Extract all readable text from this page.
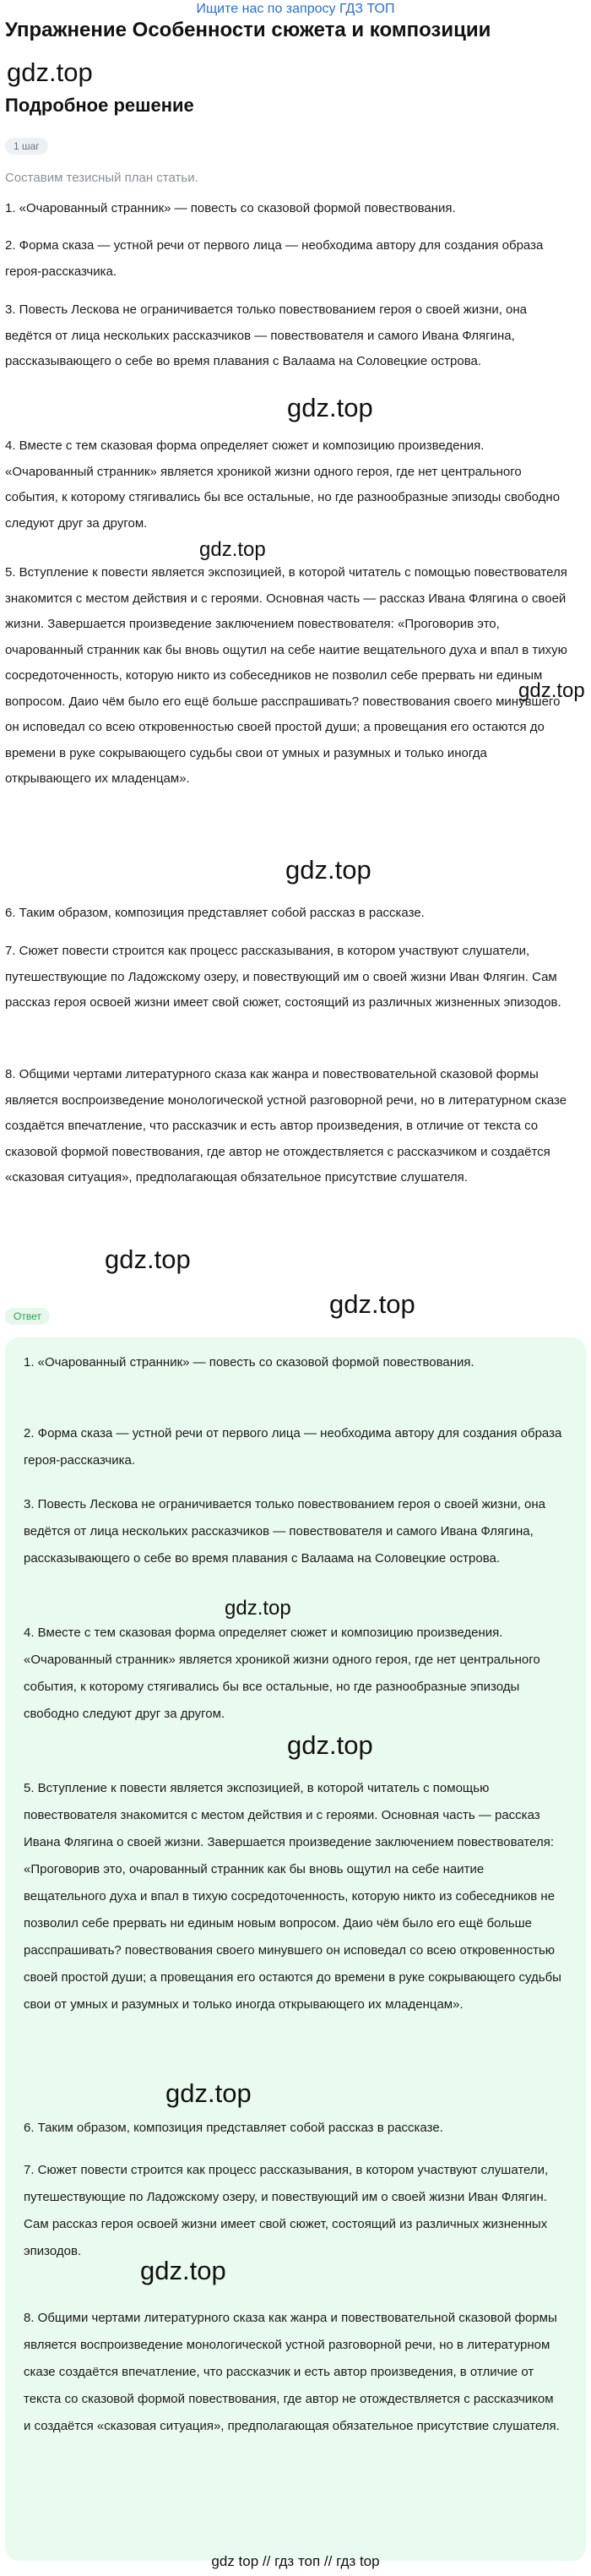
Ищите нас по запросу ГДЗ ТОП
Упражнение Особенности сюжета и композиции
gdz.top
Подробное решение
1 шаг
Составим тезисный план статьи.
1. «Очарованный странник» — повесть со сказовой формой повествования.
2. Форма сказа — устной речи от первого лица — необходима автору для создания образа героя-рассказчика.
3. Повесть Лескова не ограничивается только повествованием героя о своей жизни, она ведётся от лица нескольких рассказчиков — повествователя и самого Ивана Флягина, рассказывающего о себе во время плавания с Валаама на Соловецкие острова.
gdz.top
4. Вместе с тем сказовая форма определяет сюжет и композицию произведения. «Очарованный странник» является хроникой жизни одного героя, где нет центрального события, к которому стягивались бы все остальные, но где разнообразные эпизоды свободно следуют друг за другом.
gdz.top
5. Вступление к повести является экспозицией, в которой читатель с помощью повествователя знакомится с местом действия и с героями. Основная часть — рассказ Ивана Флягина о своей жизни. Завершается произведение заключением повествователя: «Проговорив это, очарованный странник как бы вновь ощутил на себе наитие вещательного духа и впал в тихую сосредоточенность, которую никто из собеседников не позволил себе прервать ни единым вопросом. Даио чём было его ещё больше расспрашивать? повествования своего минувшего он исповедал со всею откровенностью своей простой души; а провещания его остаются до времени в руке сокрывающего судьбы свои от умных и разумных и только иногда открывающего их младенцам».
gdz.top
gdz.top
6. Таким образом, композиция представляет собой рассказ в рассказе.
7. Сюжет повести строится как процесс рассказывания, в котором участвуют слушатели, путешествующие по Ладожскому озеру, и повествующий им о своей жизни Иван Флягин. Сам рассказ героя освоей жизни имеет свой сюжет, состоящий из различных жизненных эпизодов.
8. Общими чертами литературного сказа как жанра и повествовательной сказовой формы является воспроизведение монологической устной разговорной речи, но в литературном сказе создаётся впечатление, что рассказчик и есть автор произведения, в отличие от текста со сказовой формой повествования, где автор не отождествляется с рассказчиком и создаётся «сказовая ситуация», предполагающая обязательное присутствие слушателя.
gdz.top
gdz.top
Ответ
1. «Очарованный странник» — повесть со сказовой формой повествования.
2. Форма сказа — устной речи от первого лица — необходима автору для создания образа героя-рассказчика.
3. Повесть Лескова не ограничивается только повествованием героя о своей жизни, она ведётся от лица нескольких рассказчиков — повествователя и самого Ивана Флягина, рассказывающего о себе во время плавания с Валаама на Соловецкие острова.
gdz.top
4. Вместе с тем сказовая форма определяет сюжет и композицию произведения. «Очарованный странник» является хроникой жизни одного героя, где нет центрального события, к которому стягивались бы все остальные, но где разнообразные эпизоды свободно следуют друг за другом.
gdz.top
5. Вступление к повести является экспозицией, в которой читатель с помощью повествователя знакомится с местом действия и с героями. Основная часть — рассказ Ивана Флягина о своей жизни. Завершается произведение заключением повествователя: «Проговорив это, очарованный странник как бы вновь ощутил на себе наитие вещательного духа и впал в тихую сосредоточенность, которую никто из собеседников не позволил себе прервать ни единым новым вопросом. Даио чём было его ещё больше расспрашивать? повествования своего минувшего он исповедал со всею откровенностью своей простой души; а провещания его остаются до времени в руке сокрывающего судьбы свои от умных и разумных и только иногда открывающего их младенцам».
gdz.top
6. Таким образом, композиция представляет собой рассказ в рассказе.
7. Сюжет повести строится как процесс рассказывания, в котором участвуют слушатели, путешествующие по Ладожскому озеру, и повествующий им о своей жизни Иван Флягин. Сам рассказ героя освоей жизни имеет свой сюжет, состоящий из различных жизненных эпизодов.
gdz.top
8. Общими чертами литературного сказа как жанра и повествовательной сказовой формы является воспроизведение монологической устной разговорной речи, но в литературном сказе создаётся впечатление, что рассказчик и есть автор произведения, в отличие от текста со сказовой формой повествования, где автор не отождествляется с рассказчиком и создаётся «сказовая ситуация», предполагающая обязательное присутствие слушателя.
gdz top // гдз топ // гдз top
